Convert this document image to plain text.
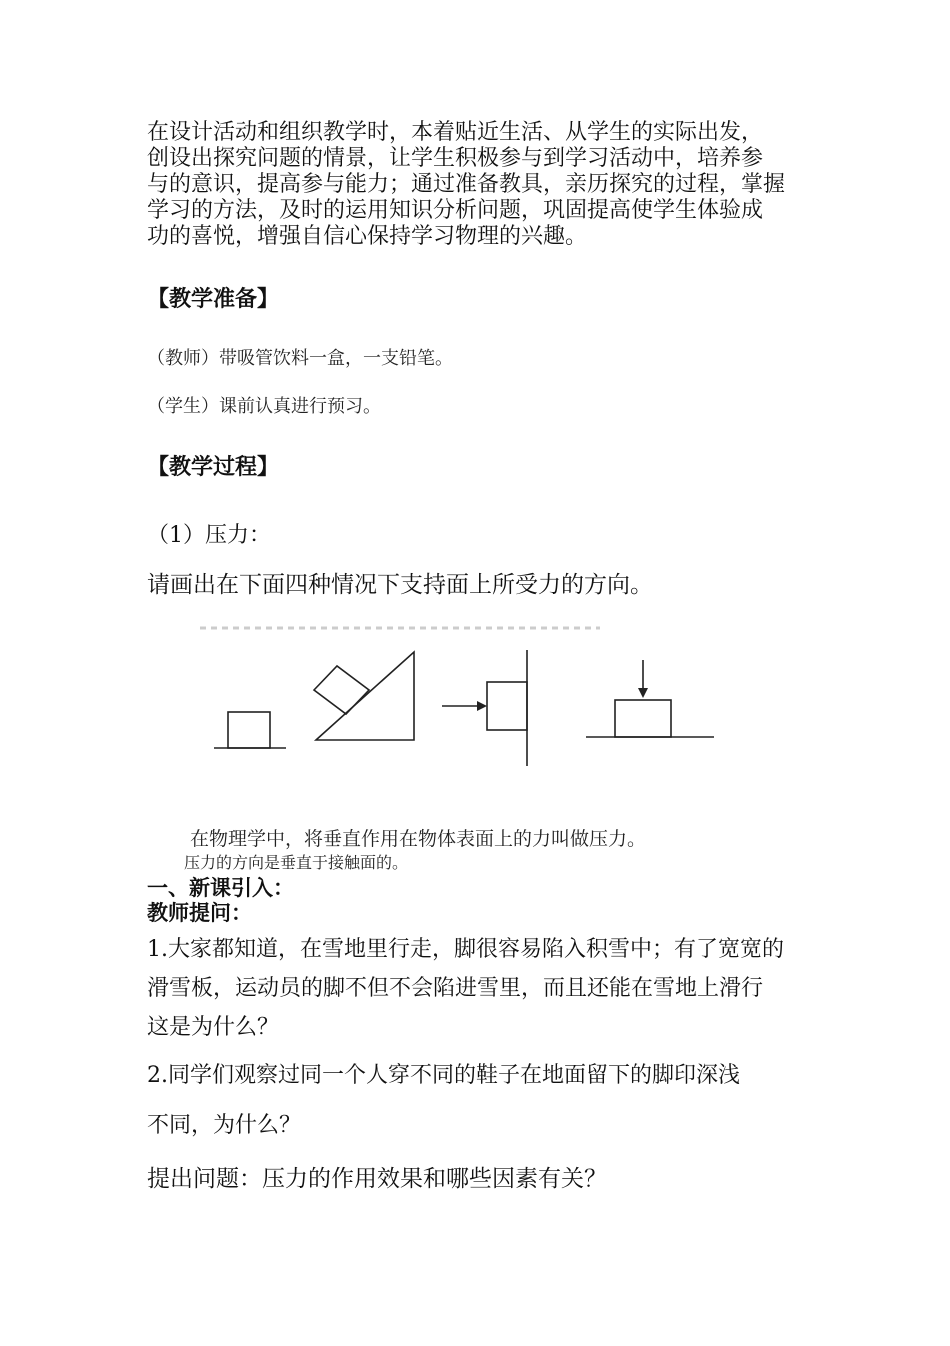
在设计活动和组织教学时，本着贴近生活、从学生的实际出发，
创设出探究问题的情景，让学生积极参与到学习活动中，培养参
与的意识，提高参与能力；通过准备教具，亲历探究的过程，掌握
学习的方法，及时的运用知识分析问题，巩固提高使学生体验成
功的喜悦，增强自信心保持学习物理的兴趣。
【教学准备】
（教师）带吸管饮料一盒，一支铅笔。
（学生）课前认真进行预习。
【教学过程】
（1）压力：
请画出在下面四种情况下支持面上所受力的方向。
在物理学中，将垂直作用在物体表面上的力叫做压力。
压力的方向是垂直于接触面的。
一、新课引入：
教师提问：
1.大家都知道，在雪地里行走，脚很容易陷入积雪中；有了宽宽的
滑雪板，运动员的脚不但不会陷进雪里，而且还能在雪地上滑行
这是为什么？
2.同学们观察过同一个人穿不同的鞋子在地面留下的脚印深浅
不同，为什么？
提出问题：压力的作用效果和哪些因素有关？
